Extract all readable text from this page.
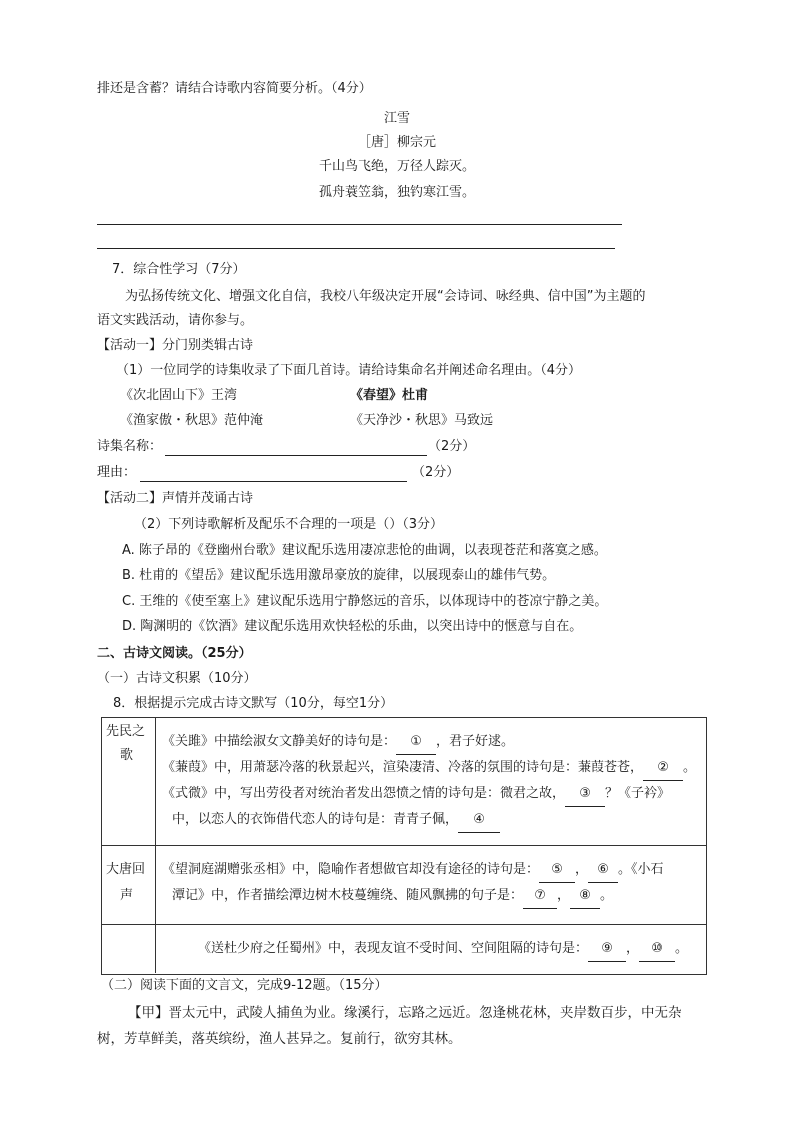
排还是含蓄？请结合诗歌内容简要分析。（4分）
江雪
［唐］柳宗元
千山鸟飞绝，万径人踪灭。
孤舟蓑笠翁，独钓寒江雪。
7．综合性学习（7分）
为弘扬传统文化、增强文化自信，我校八年级决定开展“会诗词、咏经典、信中国”为主题的
语文实践活动，请你参与。
【活动一】分门别类辑古诗
（1）一位同学的诗集收录了下面几首诗。请给诗集命名并阐述命名理由。（4分）
《次北固山下》王湾	《春望》杜甫
《渔家傲・秋思》范仲淹	《天净沙・秋思》马致远
诗集名称：	（2分）
理由：	（2分）
【活动二】声情并茂诵古诗
（2）下列诗歌解析及配乐不合理的一项是（）（3分）
A. 陈子昂的《登幽州台歌》建议配乐选用凄凉悲怆的曲调，以表现苍茫和落寞之感。
B. 杜甫的《望岳》建议配乐选用激昂豪放的旋律，以展现泰山的雄伟气势。
C. 王维的《使至塞上》建议配乐选用宁静悠远的音乐，以体现诗中的苍凉宁静之美。
D. 陶渊明的《饮酒》建议配乐选用欢快轻松的乐曲，以突出诗中的惬意与自在。
二、古诗文阅读。（25分）
（一）古诗文积累（10分）
8．根据提示完成古诗文默写（10分，每空1分）
先民之
歌
《关雎》中描绘淑女文静美好的诗句是： ① ，君子好逑。
《蒹葭》中，用萧瑟冷落的秋景起兴，渲染凄清、冷落的氛围的诗句是：蒹葭苍苍， ② 。
《式微》中，写出劳役者对统治者发出怨愤之情的诗句是：微君之故， ③ ？《子衿》
中，以恋人的衣饰借代恋人的诗句是：青青子佩， ④
大唐回
声
《望洞庭湖赠张丞相》中，隐喻作者想做官却没有途径的诗句是： ⑤ ， ⑥ 。《小石
潭记》中，作者描绘潭边树木枝蔓缠绕、随风飘拂的句子是： ⑦ ， ⑧ 。
《送杜少府之任蜀州》中，表现友谊不受时间、空间阻隔的诗句是： ⑨ ， ⑩ 。
（二）阅读下面的文言文，完成9-12题。（15分）
【甲】晋太元中，武陵人捕鱼为业。缘溪行，忘路之远近。忽逢桃花林，夹岸数百步，中无杂
树，芳草鲜美，落英缤纷，渔人甚异之。复前行，欲穷其林。
